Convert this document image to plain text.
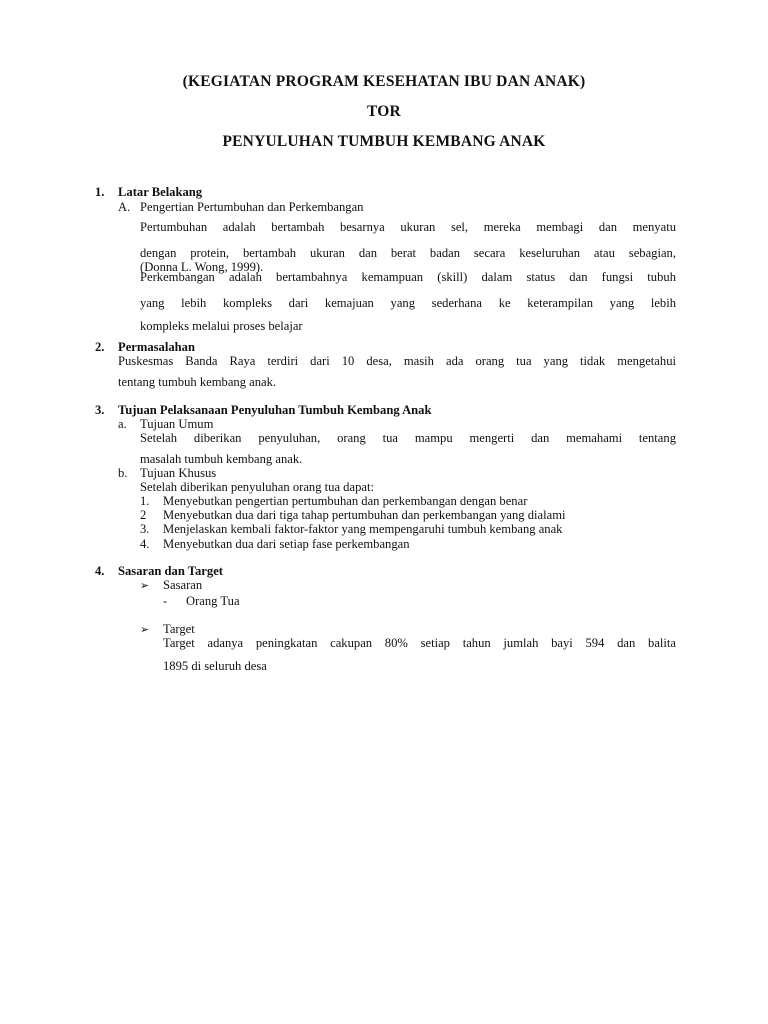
(KEGIATAN PROGRAM KESEHATAN IBU DAN ANAK)
TOR
PENYULUHAN TUMBUH KEMBANG ANAK
1. Latar Belakang
A. Pengertian Pertumbuhan dan Perkembangan
Pertumbuhan adalah bertambah besarnya ukuran sel, mereka membagi dan menyatu
dengan protein, bertambah ukuran dan berat badan secara keseluruhan atau sebagian,
(Donna L. Wong, 1999).
Perkembangan adalah bertambahnya kemampuan (skill) dalam status dan fungsi tubuh
yang lebih kompleks dari kemajuan yang sederhana ke keterampilan yang lebih
kompleks melalui proses belajar
2. Permasalahan
Puskesmas Banda Raya terdiri dari 10 desa, masih ada orang tua yang tidak mengetahui
tentang tumbuh kembang anak.
3. Tujuan Pelaksanaan Penyuluhan Tumbuh Kembang Anak
a. Tujuan Umum
Setelah diberikan penyuluhan, orang tua mampu mengerti dan memahami tentang
masalah tumbuh kembang anak.
b. Tujuan Khusus
Setelah diberikan penyuluhan orang tua dapat:
1. Menyebutkan pengertian pertumbuhan dan perkembangan dengan benar
2 Menyebutkan dua dari tiga tahap pertumbuhan dan perkembangan yang dialami
3. Menjelaskan kembali faktor-faktor yang mempengaruhi tumbuh kembang anak
4. Menyebutkan dua dari setiap fase perkembangan
4. Sasaran dan Target
➢ Sasaran
- Orang Tua
➢ Target
Target adanya peningkatan cakupan 80% setiap tahun jumlah bayi 594 dan balita
1895 di seluruh desa
